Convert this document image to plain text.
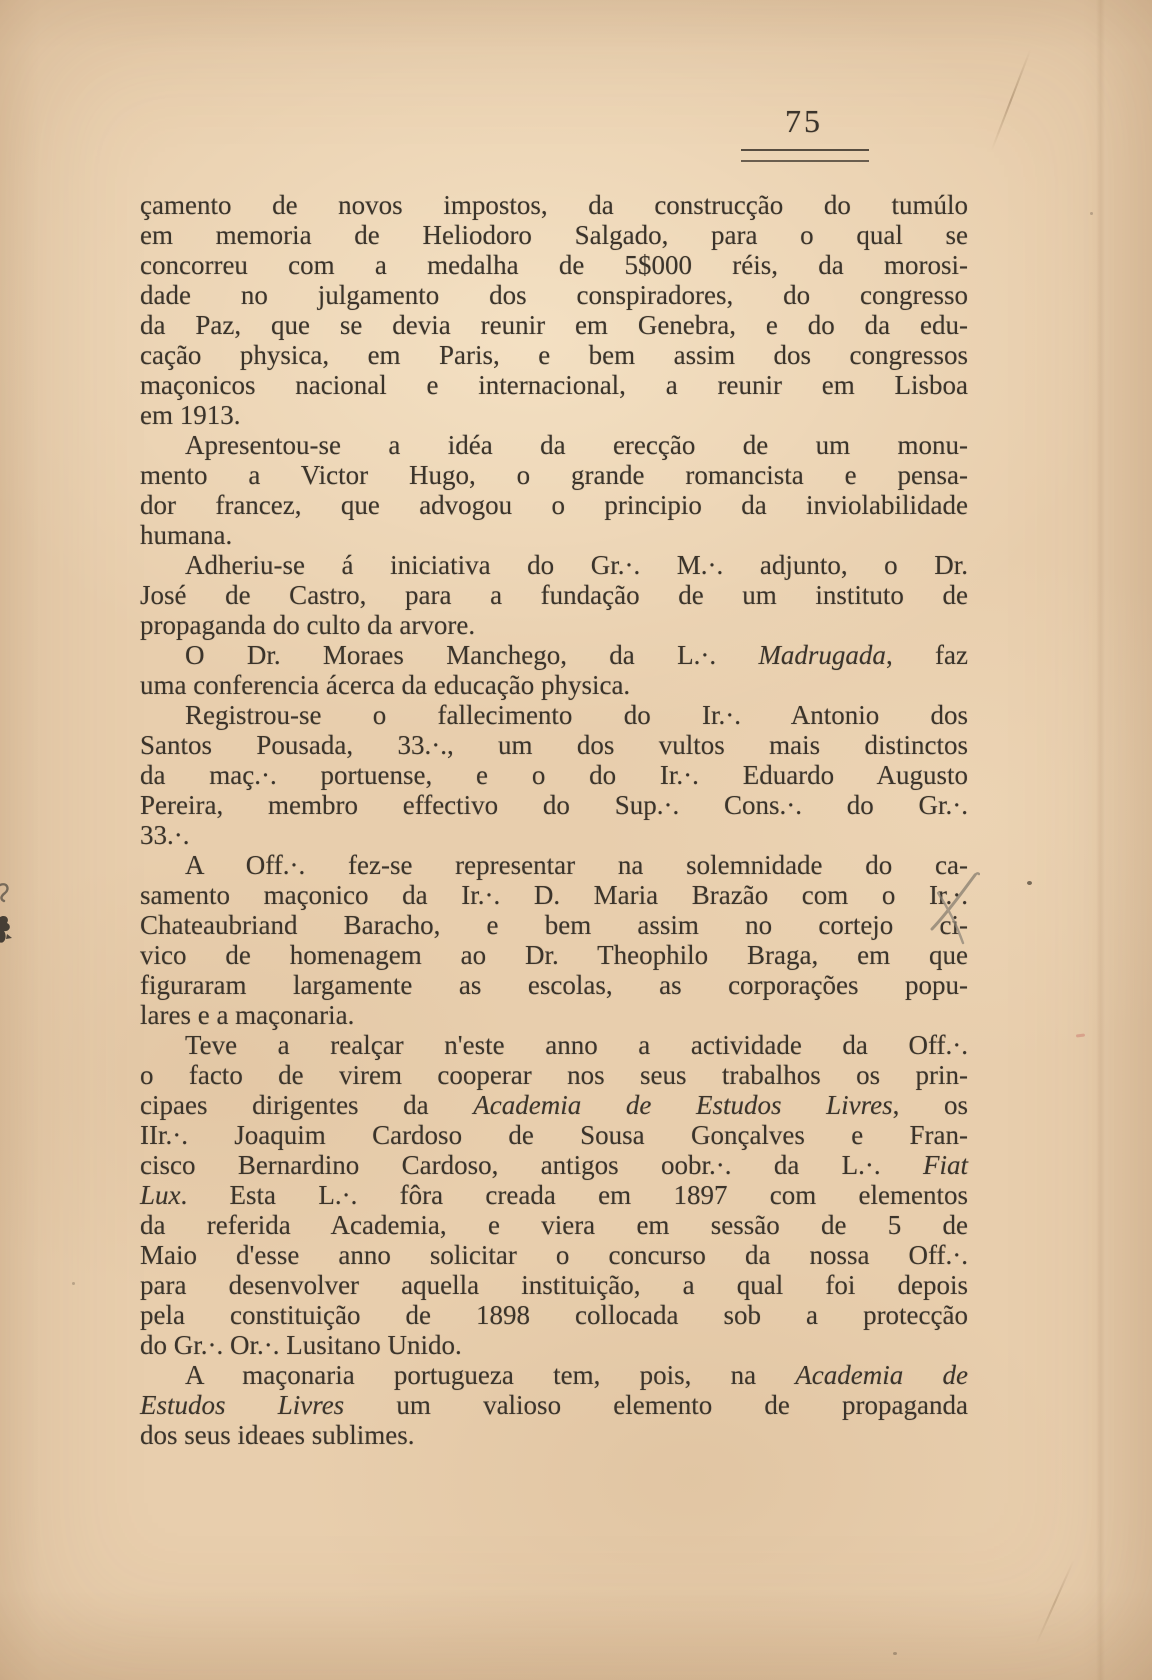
75
çamento de novos impostos, da construcção do tumúlo
em memoria de Heliodoro Salgado, para o qual se
concorreu com a medalha de 5$000 réis, da morosi-
dade no julgamento dos conspiradores, do congresso
da Paz, que se devia reunir em Genebra, e do da edu-
cação physica, em Paris, e bem assim dos congressos
maçonicos nacional e internacional, a reunir em Lisboa
em 1913.
Apresentou-se a idéa da erecção de um monu-
mento a Victor Hugo, o grande romancista e pensa-
dor francez, que advogou o principio da inviolabilidade
humana.
Adheriu-se á iniciativa do Gr.·. M.·. adjunto, o Dr.
José de Castro, para a fundação de um instituto de
propaganda do culto da arvore.
O Dr. Moraes Manchego, da L.·. Madrugada, faz
uma conferencia ácerca da educação physica.
Registrou-se o fallecimento do Ir.·. Antonio dos
Santos Pousada, 33.·., um dos vultos mais distinctos
da maç.·. portuense, e o do Ir.·. Eduardo Augusto
Pereira, membro effectivo do Sup.·. Cons.·. do Gr.·.
33.·.
A Off.·. fez-se representar na solemnidade do ca-
samento maçonico da Ir.·. D. Maria Brazão com o Ir.·.
Chateaubriand Baracho, e bem assim no cortejo ci-
vico de homenagem ao Dr. Theophilo Braga, em que
figuraram largamente as escolas, as corporações popu-
lares e a maçonaria.
Teve a realçar n'este anno a actividade da Off.·.
o facto de virem cooperar nos seus trabalhos os prin-
cipaes dirigentes da Academia de Estudos Livres, os
IIr.·. Joaquim Cardoso de Sousa Gonçalves e Fran-
cisco Bernardino Cardoso, antigos oobr.·. da L.·. Fiat
Lux. Esta L.·. fôra creada em 1897 com elementos
da referida Academia, e viera em sessão de 5 de
Maio d'esse anno solicitar o concurso da nossa Off.·.
para desenvolver aquella instituição, a qual foi depois
pela constituição de 1898 collocada sob a protecção
do Gr.·. Or.·. Lusitano Unido.
A maçonaria portugueza tem, pois, na Academia de
Estudos Livres um valioso elemento de propaganda
dos seus ideaes sublimes.
